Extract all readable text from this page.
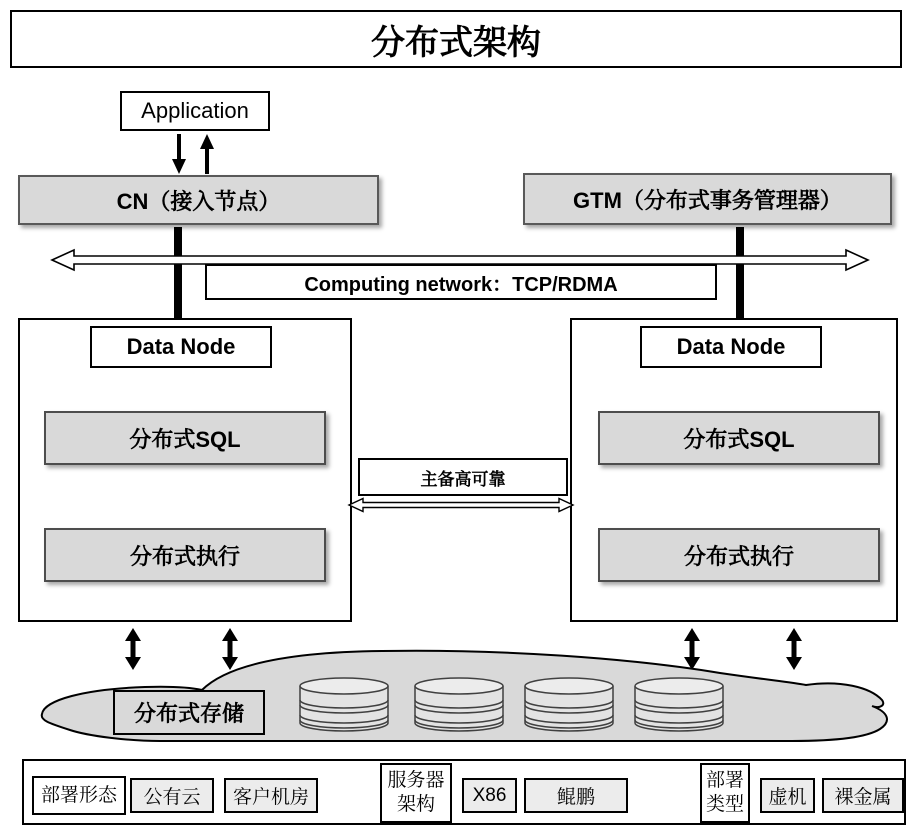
分布式架构
Application
CN（接入节点）	GTM（分布式事务管理器）
Computing network：TCP/RDMA
Data Node
分布式SQL
分布式执行
Data Node
分布式SQL
分布式执行
主备高可靠
分布式存储
部署形态	公有云	客户机房
服务器架构	X86	鲲鹏
部署类型	虚机	裸金属
